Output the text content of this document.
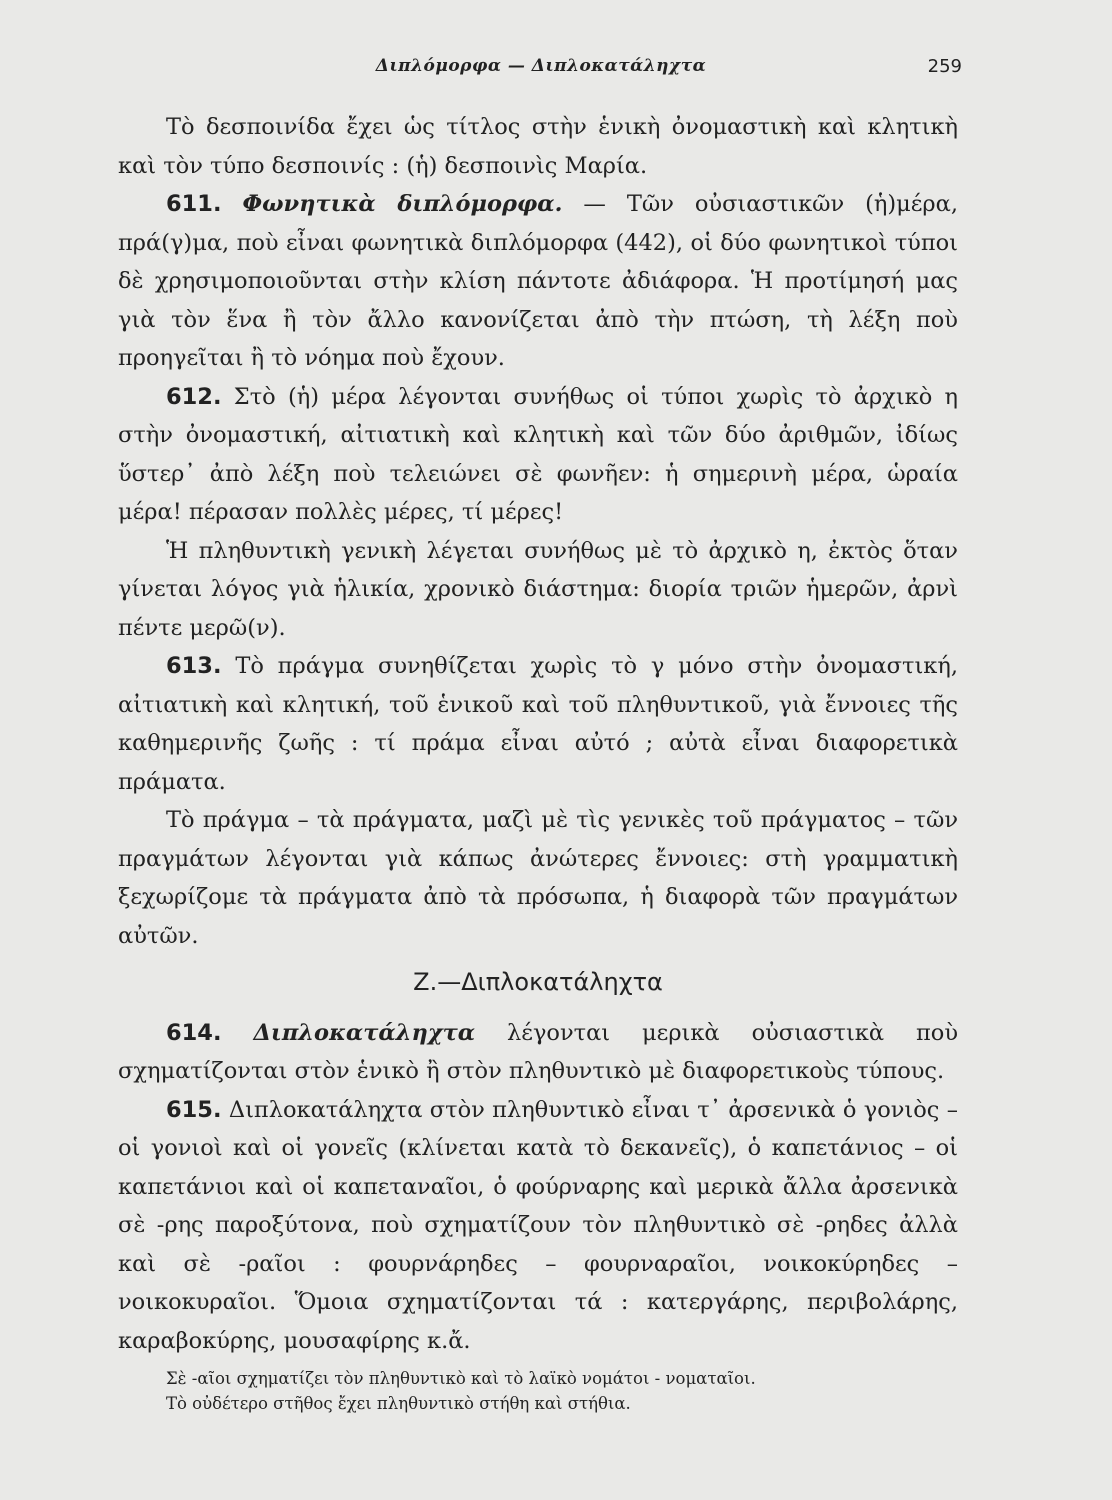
Διπλόμορφα — Διπλοκατάληχτα	259

Τὸ δεσποινίδα ἔχει ὡς τίτλος στὴν ἑνικὴ ὀνομαστικὴ καὶ κλητικὴ καὶ τὸν τύπο δεσποινίς : (ἡ) δεσποινὶς Μαρία.

611. Φωνητικὰ διπλόμορφα. — Τῶν οὐσιαστικῶν (ἡ)μέρα, πρά(γ)μα, ποὺ εἶναι φωνητικὰ διπλόμορφα (442), οἱ δύο φωνητικοὶ τύποι δὲ χρησιμοποιοῦνται στὴν κλίση πάντοτε ἀδιάφορα. Ἡ προτίμησή μας γιὰ τὸν ἕνα ἢ τὸν ἄλλο κανονίζεται ἀπὸ τὴν πτώση, τὴ λέξη ποὺ προηγεῖται ἢ τὸ νόημα ποὺ ἔχουν.

612. Στὸ (ἡ) μέρα λέγονται συνήθως οἱ τύποι χωρὶς τὸ ἀρχικὸ η στὴν ὀνομαστική, αἰτιατικὴ καὶ κλητικὴ καὶ τῶν δύο ἀριθμῶν, ἰδίως ὕστερ᾽ ἀπὸ λέξη ποὺ τελειώνει σὲ φωνῆεν: ἡ σημερινὴ μέρα, ὡραία μέρα! πέρασαν πολλὲς μέρες, τί μέρες!

Ἡ πληθυντικὴ γενικὴ λέγεται συνήθως μὲ τὸ ἀρχικὸ η, ἐκτὸς ὅταν γίνεται λόγος γιὰ ἡλικία, χρονικὸ διάστημα: διορία τριῶν ἡμερῶν, ἀρνὶ πέντε μερῶ(ν).

613. Τὸ πράγμα συνηθίζεται χωρὶς τὸ γ μόνο στὴν ὀνομαστική, αἰτιατικὴ καὶ κλητική, τοῦ ἑνικοῦ καὶ τοῦ πληθυντικοῦ, γιὰ ἔννοιες τῆς καθημερινῆς ζωῆς : τί πράμα εἶναι αὐτό ; αὐτὰ εἶναι διαφορετικὰ πράματα.

Τὸ πράγμα – τὰ πράγματα, μαζὶ μὲ τὶς γενικὲς τοῦ πράγματος – τῶν πραγμάτων λέγονται γιὰ κάπως ἀνώτερες ἔννοιες: στὴ γραμματικὴ ξεχωρίζομε τὰ πράγματα ἀπὸ τὰ πρόσωπα, ἡ διαφορὰ τῶν πραγμάτων αὐτῶν.

Ζ.—Διπλοκατάληχτα

614. Διπλοκατάληχτα λέγονται μερικὰ οὐσιαστικὰ ποὺ σχηματίζονται στὸν ἑνικὸ ἢ στὸν πληθυντικὸ μὲ διαφορετικοὺς τύπους.

615. Διπλοκατάληχτα στὸν πληθυντικὸ εἶναι τ᾽ ἀρσενικὰ ὁ γονιὸς – οἱ γονιοὶ καὶ οἱ γονεῖς (κλίνεται κατὰ τὸ δεκανεῖς), ὁ καπετάνιος – οἱ καπετάνιοι καὶ οἱ καπεταναῖοι, ὁ φούρναρης καὶ μερικὰ ἄλλα ἀρσενικὰ σὲ -ρης παροξύτονα, ποὺ σχηματίζουν τὸν πληθυντικὸ σὲ -ρηδες ἀλλὰ καὶ σὲ -ραῖοι : φουρνάρηδες – φουρναραῖοι, νοικοκύρηδες – νοικοκυραῖοι. Ὅμοια σχηματίζονται τά : κατεργάρης, περιβολάρης, καραβοκύρης, μουσαφίρης κ.ἄ.

Σὲ -αῖοι σχηματίζει τὸν πληθυντικὸ καὶ τὸ λαϊκὸ νομάτοι - νοματαῖοι.

Τὸ οὐδέτερο στῆθος ἔχει πληθυντικὸ στήθη καὶ στήθια.
